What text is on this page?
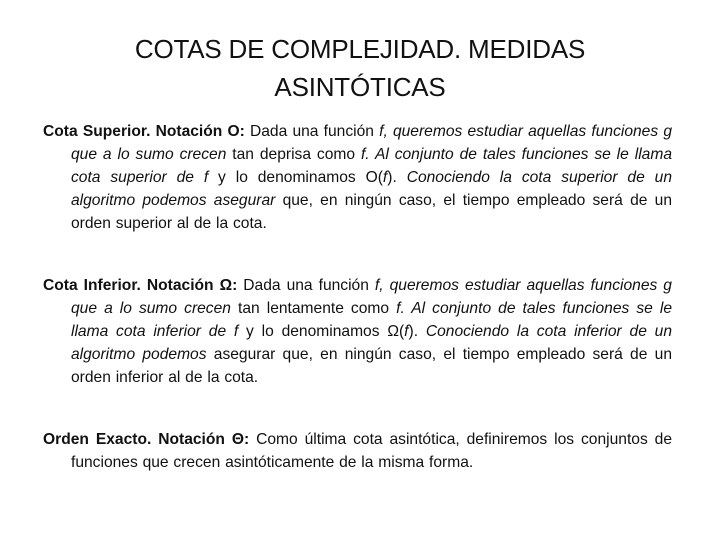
COTAS DE COMPLEJIDAD. MEDIDAS
ASINTÓTICAS

Cota Superior. Notación O: Dada una función f, queremos estudiar aquellas funciones g que a lo sumo crecen tan deprisa como f. Al conjunto de tales funciones se le llama cota superior de f y lo denominamos O(f). Conociendo la cota superior de un algoritmo podemos asegurar que, en ningún caso, el tiempo empleado será de un orden superior al de la cota.

Cota Inferior. Notación Ω: Dada una función f, queremos estudiar aquellas funciones g que a lo sumo crecen tan lentamente como f. Al conjunto de tales funciones se le llama cota inferior de f y lo denominamos Ω(f). Conociendo la cota inferior de un algoritmo podemos asegurar que, en ningún caso, el tiempo empleado será de un orden inferior al de la cota.

Orden Exacto. Notación Θ: Como última cota asintótica, definiremos los conjuntos de funciones que crecen asintóticamente de la misma forma.
